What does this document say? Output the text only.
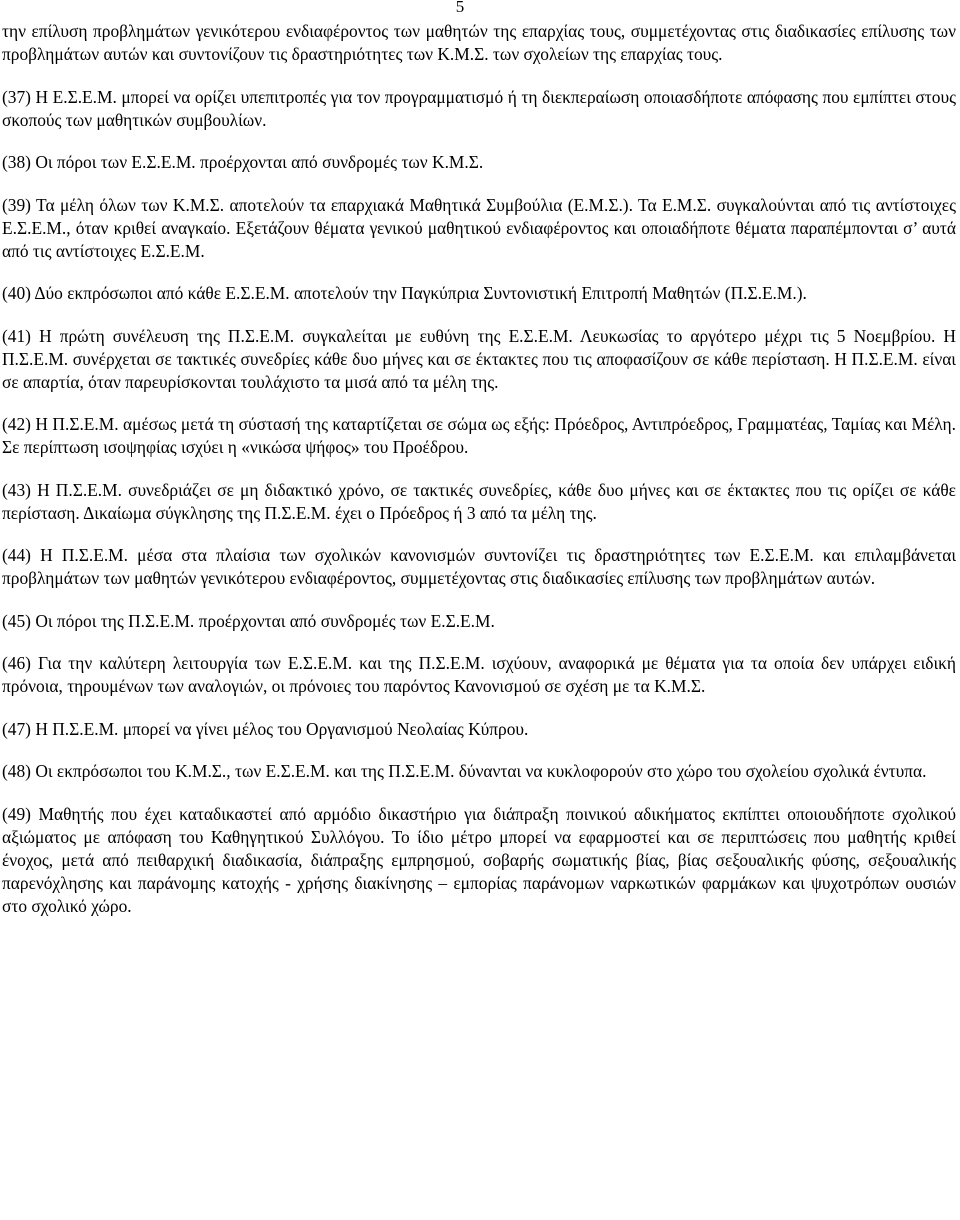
5

την επίλυση προβλημάτων γενικότερου ενδιαφέροντος των μαθητών της επαρχίας τους, συμμετέχοντας στις διαδικασίες επίλυσης των προβλημάτων αυτών και συντονίζουν τις δραστηριότητες των Κ.Μ.Σ. των σχολείων της επαρχίας τους.

(37) Η Ε.Σ.Ε.Μ. μπορεί να ορίζει υπεπιτροπές για τον προγραμματισμό ή τη διεκπεραίωση οποιασδήποτε απόφασης που εμπίπτει στους σκοπούς των μαθητικών συμβουλίων.

(38) Οι πόροι των Ε.Σ.Ε.Μ. προέρχονται από συνδρομές των Κ.Μ.Σ.

(39) Τα μέλη όλων των Κ.Μ.Σ. αποτελούν τα επαρχιακά Μαθητικά Συμβούλια (Ε.Μ.Σ.). Τα Ε.Μ.Σ. συγκαλούνται από τις αντίστοιχες Ε.Σ.Ε.Μ., όταν κριθεί αναγκαίο. Εξετάζουν θέματα γενικού μαθητικού ενδιαφέροντος και οποιαδήποτε θέματα παραπέμπονται σ’ αυτά από τις αντίστοιχες Ε.Σ.Ε.Μ.

(40) Δύο εκπρόσωποι από κάθε Ε.Σ.Ε.Μ. αποτελούν την Παγκύπρια Συντονιστική Επιτροπή Μαθητών (Π.Σ.Ε.Μ.).

(41) Η πρώτη συνέλευση της Π.Σ.Ε.Μ. συγκαλείται με ευθύνη της Ε.Σ.Ε.Μ. Λευκωσίας το αργότερο μέχρι τις 5 Νοεμβρίου. Η Π.Σ.Ε.Μ. συνέρχεται σε τακτικές συνεδρίες κάθε δυο μήνες και σε έκτακτες που τις αποφασίζουν σε κάθε περίσταση. Η Π.Σ.Ε.Μ. είναι σε απαρτία, όταν παρευρίσκονται τουλάχιστο τα μισά από τα μέλη της.

(42) Η Π.Σ.Ε.Μ. αμέσως μετά τη σύστασή της καταρτίζεται σε σώμα ως εξής: Πρόεδρος, Αντιπρόεδρος, Γραμματέας, Ταμίας και Μέλη. Σε περίπτωση ισοψηφίας ισχύει η «νικώσα ψήφος» του Προέδρου.

(43) Η Π.Σ.Ε.Μ. συνεδριάζει σε μη διδακτικό χρόνο, σε τακτικές συνεδρίες, κάθε δυο μήνες και σε έκτακτες που τις ορίζει σε κάθε περίσταση. Δικαίωμα σύγκλησης της Π.Σ.Ε.Μ. έχει ο Πρόεδρος ή 3 από τα μέλη της.

(44) Η Π.Σ.Ε.Μ. μέσα στα πλαίσια των σχολικών κανονισμών συντονίζει τις δραστηριότητες των Ε.Σ.Ε.Μ. και επιλαμβάνεται προβλημάτων των μαθητών γενικότερου ενδιαφέροντος, συμμετέχοντας στις διαδικασίες επίλυσης των προβλημάτων αυτών.

(45) Οι πόροι της Π.Σ.Ε.Μ. προέρχονται από συνδρομές των Ε.Σ.Ε.Μ.

(46) Για την καλύτερη λειτουργία των Ε.Σ.Ε.Μ. και της Π.Σ.Ε.Μ. ισχύουν, αναφορικά με θέματα για τα οποία δεν υπάρχει ειδική πρόνοια, τηρουμένων των αναλογιών, οι πρόνοιες του παρόντος Κανονισμού σε σχέση με τα Κ.Μ.Σ.

(47) Η Π.Σ.Ε.Μ. μπορεί να γίνει μέλος του Οργανισμού Νεολαίας Κύπρου.

(48) Οι εκπρόσωποι του Κ.Μ.Σ., των Ε.Σ.Ε.Μ. και της Π.Σ.Ε.Μ. δύνανται να κυκλοφορούν στο χώρο του σχολείου σχολικά έντυπα.

(49) Μαθητής που έχει καταδικαστεί από αρμόδιο δικαστήριο για διάπραξη ποινικού αδικήματος εκπίπτει οποιουδήποτε σχολικού αξιώματος με απόφαση του Καθηγητικού Συλλόγου. Το ίδιο μέτρο μπορεί να εφαρμοστεί και σε περιπτώσεις που μαθητής κριθεί ένοχος, μετά από πειθαρχική διαδικασία, διάπραξης εμπρησμού, σοβαρής σωματικής βίας, βίας σεξουαλικής φύσης, σεξουαλικής παρενόχλησης και παράνομης κατοχής - χρήσης διακίνησης – εμπορίας παράνομων ναρκωτικών φαρμάκων και ψυχοτρόπων ουσιών στο σχολικό χώρο.
